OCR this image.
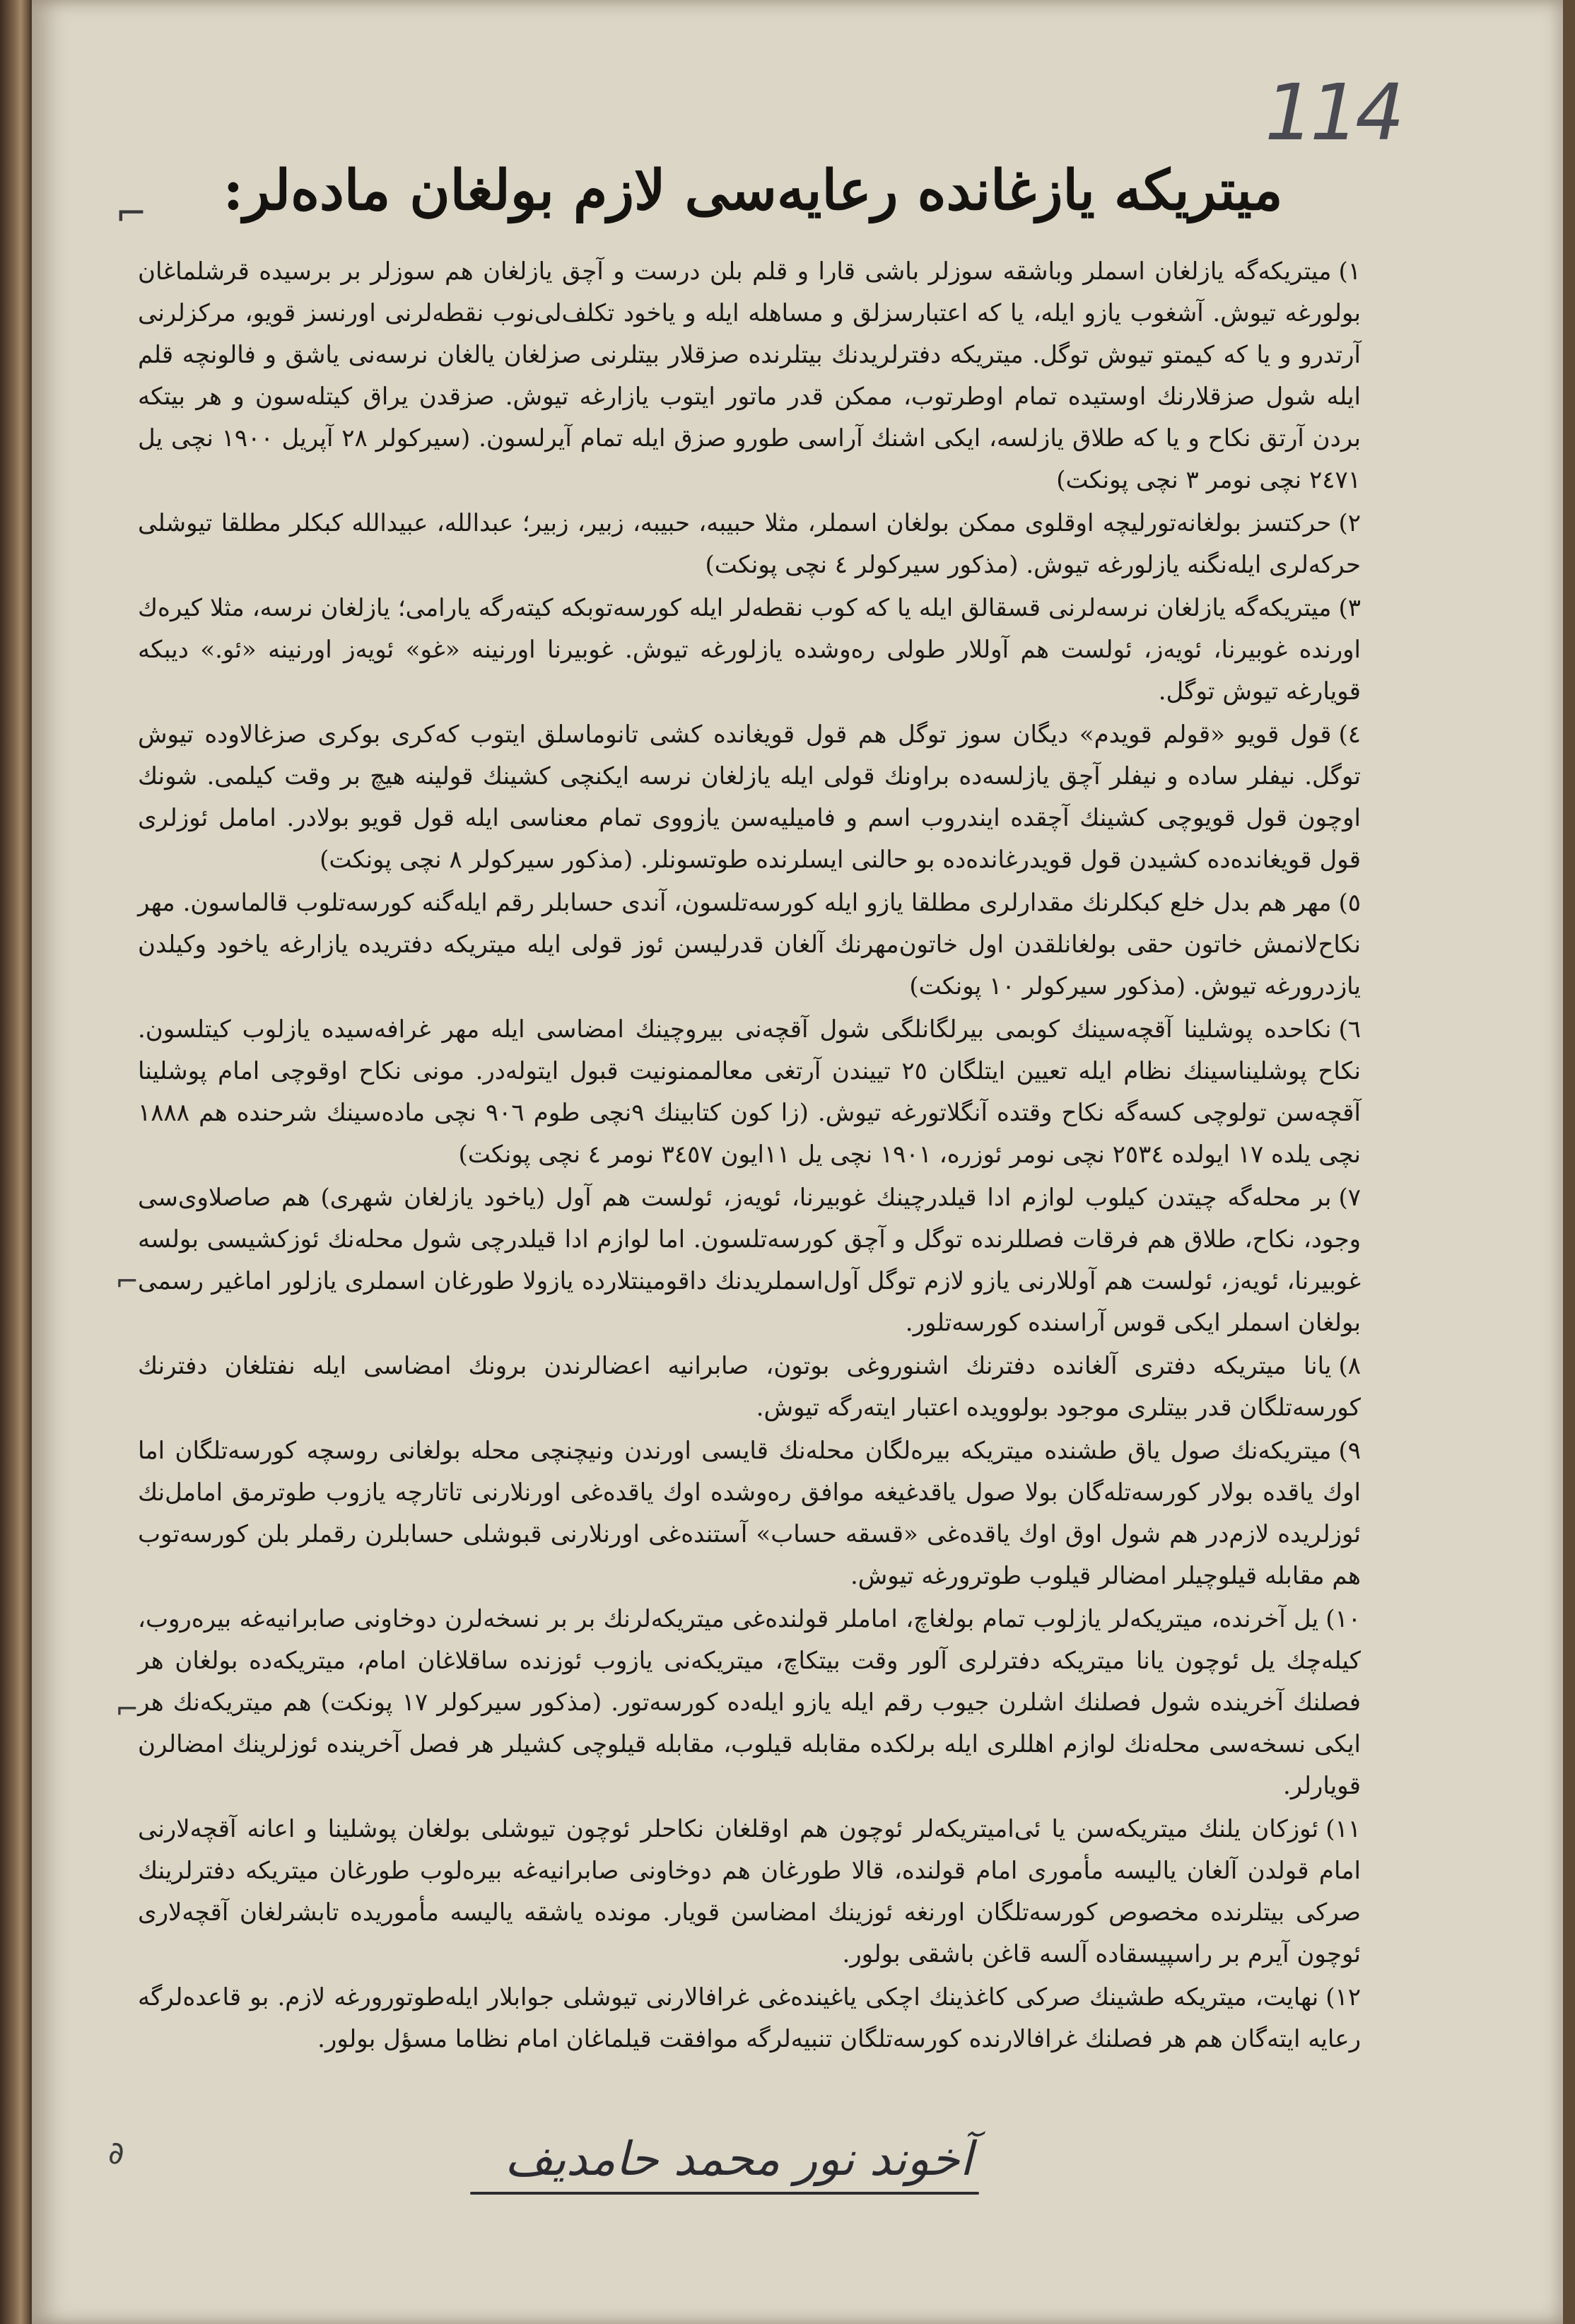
114
میتریکه یازغانده رعایه‌سی لازم بولغان ماده‌لر:

١)میتریکه‌گه یازلغان اسملر وباشقه سوزلر باشی قارا و قلم بلن درست و آچق یازلغان هم سوزلر بر برسیده قرشلماغان بولورغه تیوش. آشغوب یازو ایله، یا که اعتبارسزلق و مساهله ایله و یاخود تکلف‌لی‌نوب نقطه‌لرنی اورنسز قویو، مرکزلرنی آرتدرو و یا که کیمتو تیوش توگل. میتریکه دفترلریدنك بیتلرنده صزقلار بیتلرنی صزلغان یالغان نرسه‌نی یاشق و فالونچه قلم ایله شول صزقلارنك اوستیده تمام اوطرتوب، ممکن قدر ماتور ایتوب یازارغه تیوش. صزقدن یراق کیتله‌سون و هر بیتکه بردن آرتق نکاح و یا که طلاق یازلسه، ایکی اشنك آراسی طورو صزق ایله تمام آیرلسون. (سیرکولر ٢٨ آپریل ١٩٠٠ نچی یل ٢٤٧١ نچی نومر ٣ نچی پونکت)

٢)حرکتسز بولغانه‌تورلیچه اوقلوی ممکن بولغان اسملر، مثلا حبیبه، حبیبه، زبیر، زبیر؛ عبدالله، عبیدالله کبکلر مطلقا تیوشلی حرکه‌لری ایله‌نگنه یازلورغه تیوش. (مذکور سیرکولر ٤ نچی پونکت)

٣)میتریکه‌گه یازلغان نرسه‌لرنی قسقالق ایله یا که کوب نقطه‌لر ایله کورسه‌توبکه کیته‌رگه یارامی؛ یازلغان نرسه، مثلا کیره‌ك اورنده غوبیرنا، ئویه‌ز، ئولست هم آوللار طولی ره‌وشده یازلورغه تیوش. غوبیرنا اورنینه «غو» ئویه‌ز اورنینه «ئو.» دیبکه قویارغه تیوش توگل.

٤)قول قویو «قولم قویدم» دیگان سوز توگل هم قول قویغانده کشی تانوماسلق ایتوب که‌کری بوکری صزغالاوده تیوش توگل. نیفلر ساده و نیفلر آچق یازلسه‌ده براونك قولی ایله یازلغان نرسه ایکنچی کشینك قولینه هیچ بر وقت کیلمی. شونك اوچون قول قویوچی کشینك آچقده ایندروب اسم و فامیلیه‌سن یازووی تمام معناسی ایله قول قویو بولادر. امامل ئوزلری قول قویغانده‌ده کشیدن قول قویدرغانده‌ده بو حالنی ایسلرنده طوتسونلر. (مذکور سیرکولر ٨ نچی پونکت)

٥)مهر هم بدل خلع کبکلرنك مقدارلری مطلقا یازو ایله کورسه‌تلسون، آندی حسابلر رقم ایله‌گنه کورسه‌تلوب قالماسون. مهر نکاح‌لانمش خاتون حقی بولغانلقدن اول خاتون‌مهرنك آلغان قدرلیسن ئوز قولی ایله میتریکه دفتریده یازارغه یاخود وکیلدن یازدرورغه تیوش. (مذکور سیرکولر ١٠ پونکت)

٦)نکاحده پوشلینا آقچه‌سینك کوبمی بیرلگانلگی شول آقچه‌نی بیروچینك امضاسی ایله مهر غرافه‌سیده یازلوب کیتلسون. نکاح پوشلیناسینك نظام ایله تعیین ایتلگان ٢٥ تییندن آرتغی معالممنونیت قبول ایتوله‌در. مونی نکاح اوقوچی امام پوشلینا آقچه‌سن تولوچی کسه‌گه نکاح وقتده آنگلاتورغه تیوش. (زا کون کتابینك ٩نچی طوم ٩٠٦ نچی ماده‌سینك شرحنده هم ١٨٨٨ نچی یلده ١٧ ایولده ٢٥٣٤ نچی نومر ئوزره، ١٩٠١ نچی یل ١١ایون ٣٤٥٧ نومر ٤ نچی پونکت)

٧)بر محله‌گه چیتدن کیلوب لوازم ادا قیلدرچینك غوبیرنا، ئویه‌ز، ئولست هم آول (یاخود یازلغان شهری) هم صاصلاوی‌سی وجود، نکاح، طلاق هم فرقات فصللرنده توگل و آچق کورسه‌تلسون. اما لوازم ادا قیلدرچی شول محله‌نك ئوزکشیسی بولسه غوبیرنا، ئویه‌ز، ئولست هم آوللارنی یازو لازم توگل آول‌اسملریدنك داقومینتلارده یازولا طورغان اسملری یازلور اماغیر رسمی بولغان اسملر ایکی قوس آراسنده کورسه‌تلور.

٨)یانا میتریکه دفتری آلغانده دفترنك اشنوروغی بوتون، صابرانیه اعضالرندن برونك امضاسی ایله نفتلغان دفترنك کورسه‌تلگان قدر بیتلری موجود بولوویده اعتبار ایته‌رگه تیوش.

٩)میتریکه‌نك صول یاق طشنده میتریکه بیره‌لگان محله‌نك قایسی اورندن ونیچنچی محله بولغانی روسچه کورسه‌تلگان اما اوك یاقده بولار کورسه‌تله‌گان بولا صول یاقدغیغه موافق ره‌وشده اوك یاقده‌غی اورنلارنی تاتارچه یازوب طوترمق امامل‌نك ئوزلریده لازم‌در هم شول اوق اوك یاقده‌غی «قسقه حساب» آستنده‌غی اورنلارنی قبوشلی حسابلرن رقملر بلن کورسه‌توب هم مقابله قیلوچیلر امضالر قیلوب طوترورغه تیوش.

١٠)یل آخرنده، میتریکه‌لر یازلوب تمام بولغاچ، اماملر قولنده‌غی میتریکه‌لرنك بر بر نسخه‌لرن دوخاونی صابرانیه‌غه بیره‌روب، کیله‌چك یل ئوچون یانا میتریکه دفترلری آلور وقت بیتکاچ، میتریکه‌نی یازوب ئوزنده ساقلاغان امام، میتریکه‌ده بولغان هر فصلنك آخرینده شول فصلنك اشلرن جیوب رقم ایله یازو ایله‌ده کورسه‌تور. (مذکور سیرکولر ١٧ پونکت) هم میتریکه‌نك هر ایکی نسخه‌سی محله‌نك لوازم اهللری ایله برلکده مقابله قیلوب، مقابله قیلوچی کشیلر هر فصل آخرینده ئوزلرینك امضالرن قویارلر.

١١)ئوزکان یلنك میتریکه‌سن یا ئی‌امیتریکه‌لر ئوچون هم اوقلغان نکاحلر ئوچون تیوشلی بولغان پوشلینا و اعانه آقچه‌لارنی امام قولدن آلغان یالیسه مأموری امام قولنده، قالا طورغان هم دوخاونی صابرانیه‌غه بیره‌لوب طورغان میتریکه دفترلرینك صرکی بیتلرنده مخصوص کورسه‌تلگان اورنغه ئوزینك امضاسن قویار. مونده یاشقه یالیسه مأموریده تابشرلغان آقچه‌لاری ئوچون آیرم بر راسپیسقاده آلسه قاغن باشقی بولور.

١٢)نهایت، میتریکه طشینك صرکی کاغذینك اچکی یاغینده‌غی غرافالارنی تیوشلی جوابلار ایله‌طوتورورغه لازم. بو قاعده‌لرگه رعایه ایته‌گان هم هر فصلنك غرافالارنده کورسه‌تلگان تنبیه‌لرگه موافقت قیلماغان امام نظاما مسؤل بولور.

آخوند نور محمد حامدیف
⌐
⌐
⌐
∂
